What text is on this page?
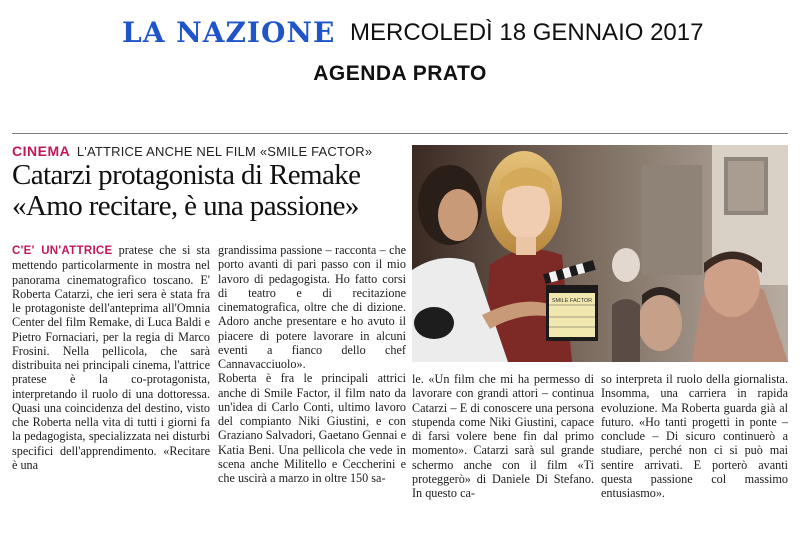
LA NAZIONE MERCOLEDÌ 18 GENNAIO 2017
AGENDA PRATO
CINEMA L'ATTRICE ANCHE NEL FILM «SMILE FACTOR»
Catarzi protagonista di Remake
«Amo recitare, è una passione»

C'E' UN'ATTRICE pratese che si sta mettendo particolarmente in mostra nel panorama cinematografico toscano. E' Roberta Catarzi, che ieri sera è stata fra le protagoniste dell'anteprima all'Omnia Center del film Remake, di Luca Baldi e Pietro Fornaciari, per la regia di Marco Frosini. Nella pellicola, che sarà distribuita nei principali cinema, l'attrice pratese è la co-protagonista, interpretando il ruolo di una dottoressa. Quasi una coincidenza del destino, visto che Roberta nella vita di tutti i giorni fa la pedagogista, specializzata nei disturbi specifici dell'apprendimento. «Recitare è una

grandissima passione – racconta – che porto avanti di pari passo con il mio lavoro di pedagogista. Ho fatto corsi di teatro e di recitazione cinematografica, oltre che di dizione. Adoro anche presentare e ho avuto il piacere di potere lavorare in alcuni eventi a fianco dello chef Cannavacciuolo».

Roberta è fra le principali attrici anche di Smile Factor, il film nato da un'idea di Carlo Conti, ultimo lavoro del compianto Niki Giustini, e con Graziano Salvadori, Gaetano Gennai e Katia Beni. Una pellicola che vede in scena anche Militello e Ceccherini e che uscirà a marzo in oltre 150 sa-

SMILE FACTOR

le. «Un film che mi ha permesso di lavorare con grandi attori – continua Catarzi – E di conoscere una persona stupenda come Niki Giustini, capace di farsi volere bene fin dal primo momento». Catarzi sarà sul grande schermo anche con il film «Ti proteggerò» di Daniele Di Stefano. In questo ca-

so interpreta il ruolo della giornalista. Insomma, una carriera in rapida evoluzione. Ma Roberta guarda già al futuro. «Ho tanti progetti in ponte – conclude – Di sicuro continuerò a studiare, perché non ci si può mai sentire arrivati. E porterò avanti questa passione col massimo entusiasmo».
